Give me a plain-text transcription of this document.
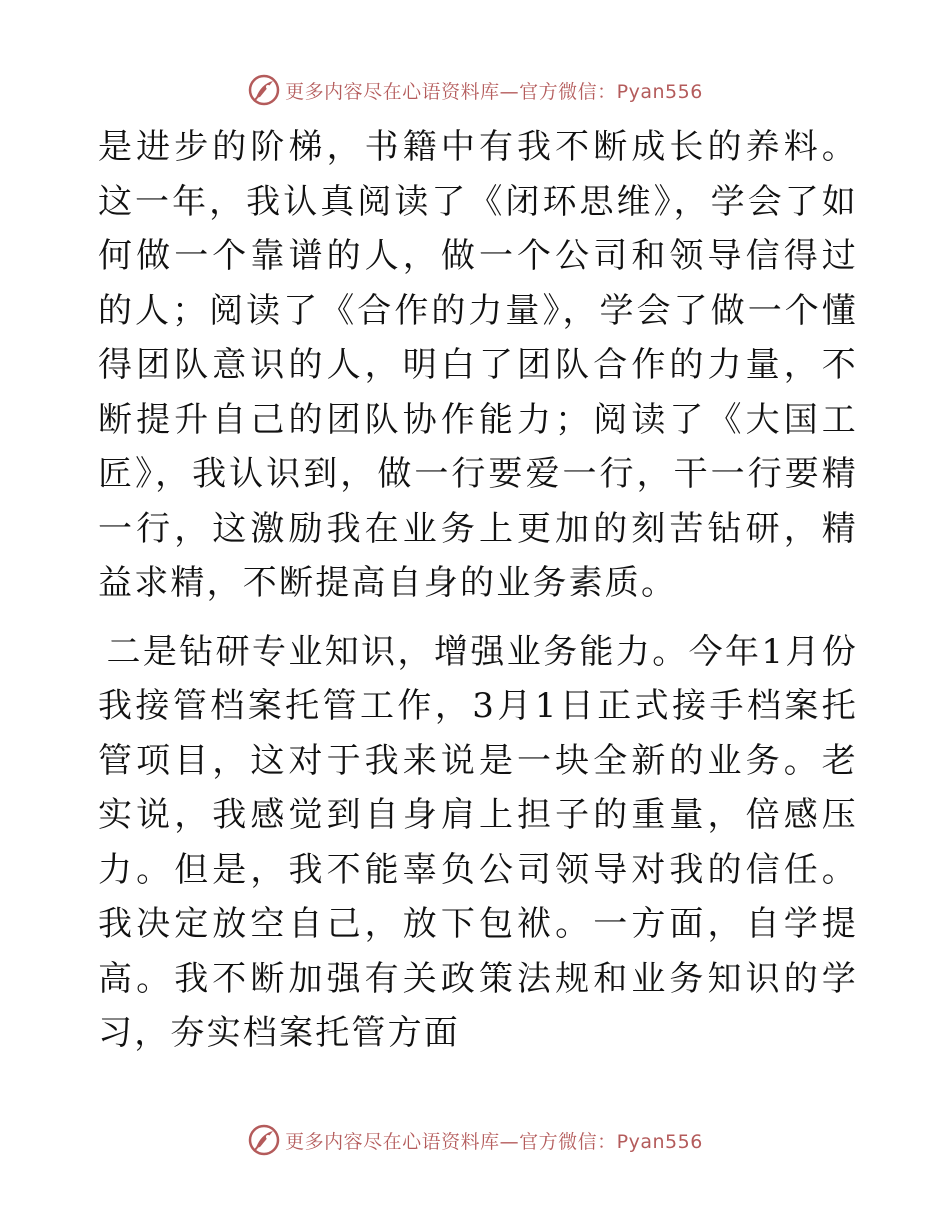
更多内容尽在心语资料库—官方微信：Pyan556

是进步的阶梯，书籍中有我不断成长的养料。这一年，我认真阅读了《闭环思维》，学会了如何做一个靠谱的人，做一个公司和领导信得过的人；阅读了《合作的力量》，学会了做一个懂得团队意识的人，明白了团队合作的力量，不断提升自己的团队协作能力；阅读了《大国工匠》，我认识到，做一行要爱一行，干一行要精一行，这激励我在业务上更加的刻苦钻研，精益求精，不断提高自身的业务素质。

二是钻研专业知识，增强业务能力。今年1月份我接管档案托管工作，3月1日正式接手档案托管项目，这对于我来说是一块全新的业务。老实说，我感觉到自身肩上担子的重量，倍感压力。但是，我不能辜负公司领导对我的信任。我决定放空自己，放下包袱。一方面，自学提高。我不断加强有关政策法规和业务知识的学习，夯实档案托管方面

更多内容尽在心语资料库—官方微信：Pyan556
